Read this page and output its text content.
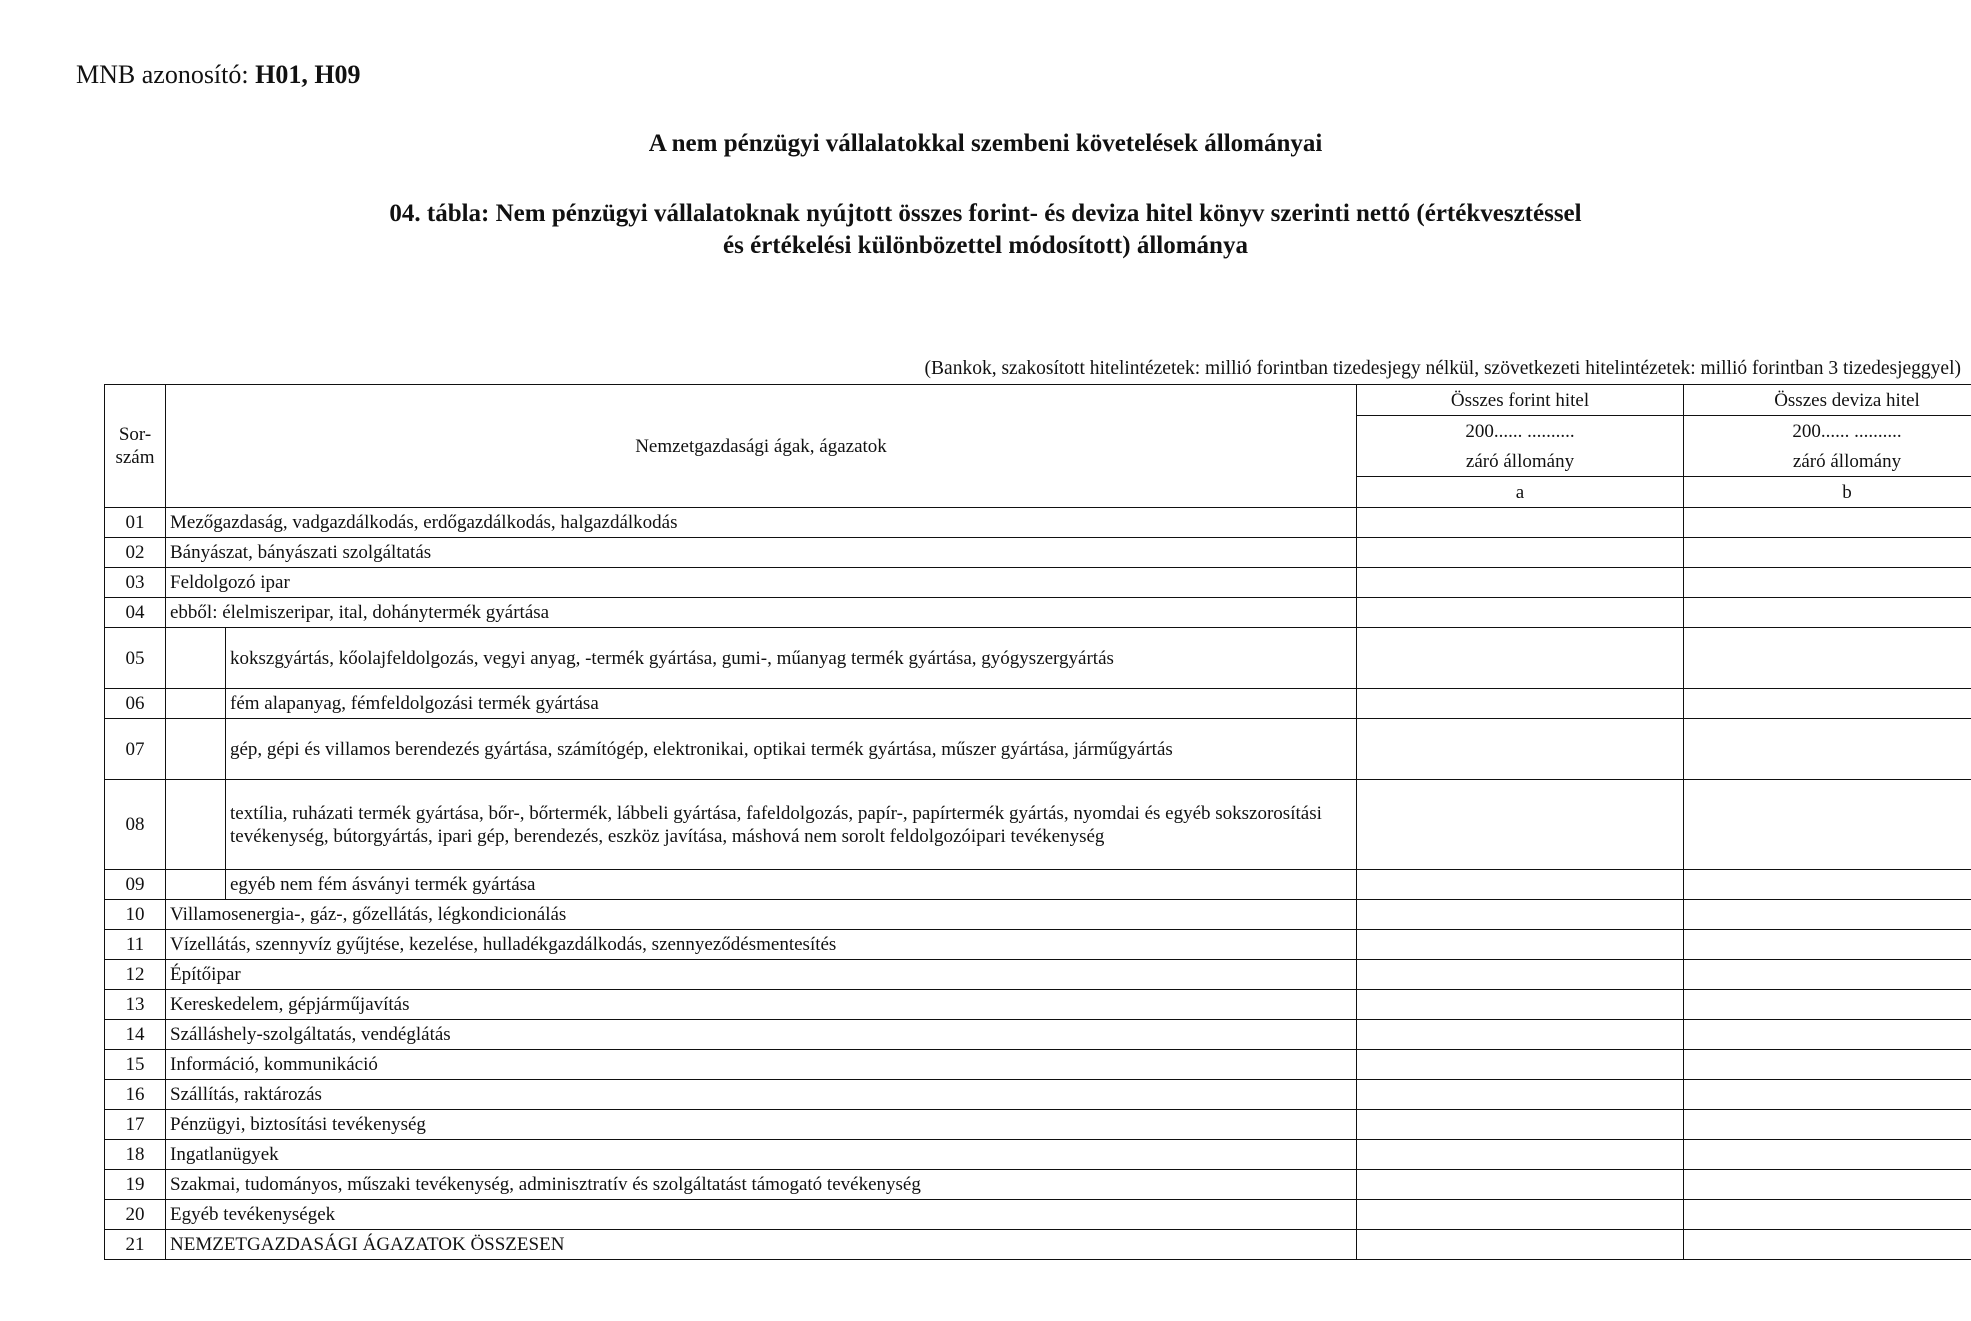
MNB azonosító: H01, H09
A nem pénzügyi vállalatokkal szembeni követelések állományai
04. tábla: Nem pénzügyi vállalatoknak nyújtott összes forint- és deviza hitel könyv szerinti nettó (értékvesztéssel
és értékelési különbözettel módosított) állománya
(Bankok, szakosított hitelintézetek: millió forintban tizedesjegy nélkül, szövetkezeti hitelintézetek: millió forintban 3 tizedesjeggyel)
Sor-
szám	Nemzetgazdasági ágak, ágazatok		Összes forint hitel	Összes deviza hitel
			200...... ..........	200...... ..........
			záró állomány	záró állomány
			a	b
01	Mezőgazdaság, vadgazdálkodás, erdőgazdálkodás, halgazdálkodás			
02	Bányászat, bányászati szolgáltatás			
03	Feldolgozó ipar			
04	ebből: élelmiszeripar, ital, dohánytermék gyártása			
05		kokszgyártás, kőolajfeldolgozás, vegyi anyag, -termék gyártása, gumi-, műanyag termék gyártása, gyógyszergyártás		
06		fém alapanyag, fémfeldolgozási termék gyártása		
07		gép, gépi és villamos berendezés gyártása, számítógép, elektronikai, optikai termék gyártása, műszer gyártása, járműgyártás		
08		textília, ruházati termék gyártása, bőr-, bőrtermék, lábbeli gyártása, fafeldolgozás, papír-, papírtermék gyártás, nyomdai és egyéb sokszorosítási tevékenység, bútorgyártás, ipari gép, berendezés, eszköz javítása, máshová nem sorolt feldolgozóipari tevékenység		
09		egyéb nem fém ásványi termék gyártása		
10	Villamosenergia-, gáz-, gőzellátás, légkondicionálás			
11	Vízellátás, szennyvíz gyűjtése, kezelése, hulladékgazdálkodás, szennyeződésmentesítés			
12	Építőipar			
13	Kereskedelem, gépjárműjavítás			
14	Szálláshely-szolgáltatás, vendéglátás			
15	Információ, kommunikáció			
16	Szállítás, raktározás			
17	Pénzügyi, biztosítási tevékenység			
18	Ingatlanügyek			
19	Szakmai, tudományos, műszaki tevékenység, adminisztratív és szolgáltatást támogató tevékenység			
20	Egyéb tevékenységek			
21	NEMZETGAZDASÁGI ÁGAZATOK ÖSSZESEN			
